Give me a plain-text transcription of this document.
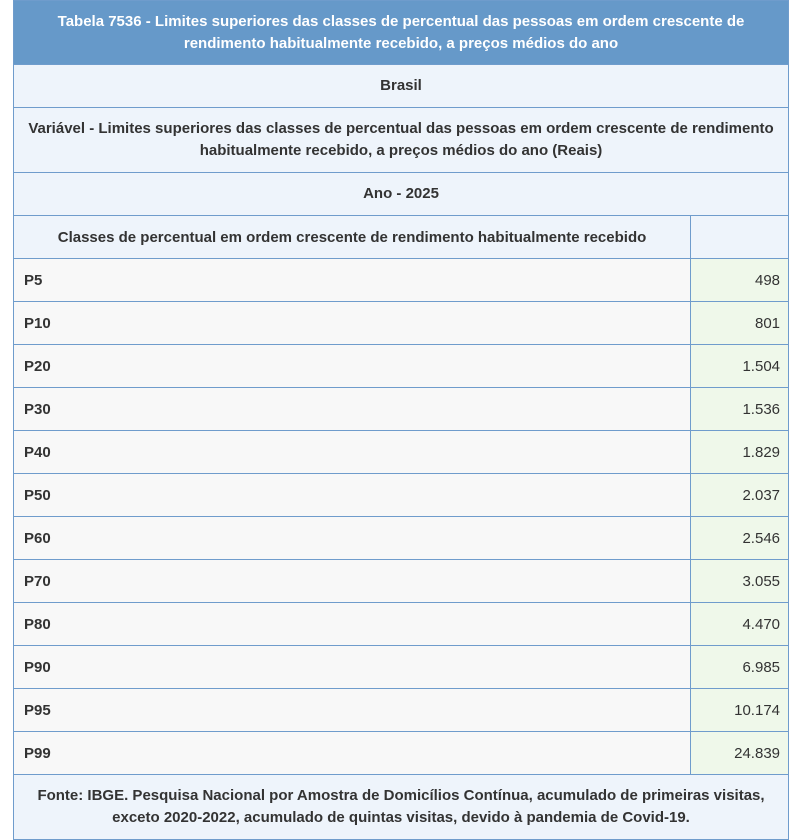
Tabela 7536 - Limites superiores das classes de percentual das pessoas em ordem crescente de rendimento habitualmente recebido, a preços médios do ano	
Brasil	
Variável - Limites superiores das classes de percentual das pessoas em ordem crescente de rendimento habitualmente recebido, a preços médios do ano (Reais)	
Ano - 2025	
Classes de percentual em ordem crescente de rendimento habitualmente recebido	
P5	498
P10	801
P20	1.504
P30	1.536
P40	1.829
P50	2.037
P60	2.546
P70	3.055
P80	4.470
P90	6.985
P95	10.174
P99	24.839
Fonte: IBGE. Pesquisa Nacional por Amostra de Domicílios Contínua, acumulado de primeiras visitas, exceto 2020-2022, acumulado de quintas visitas, devido à pandemia de Covid-19.	
